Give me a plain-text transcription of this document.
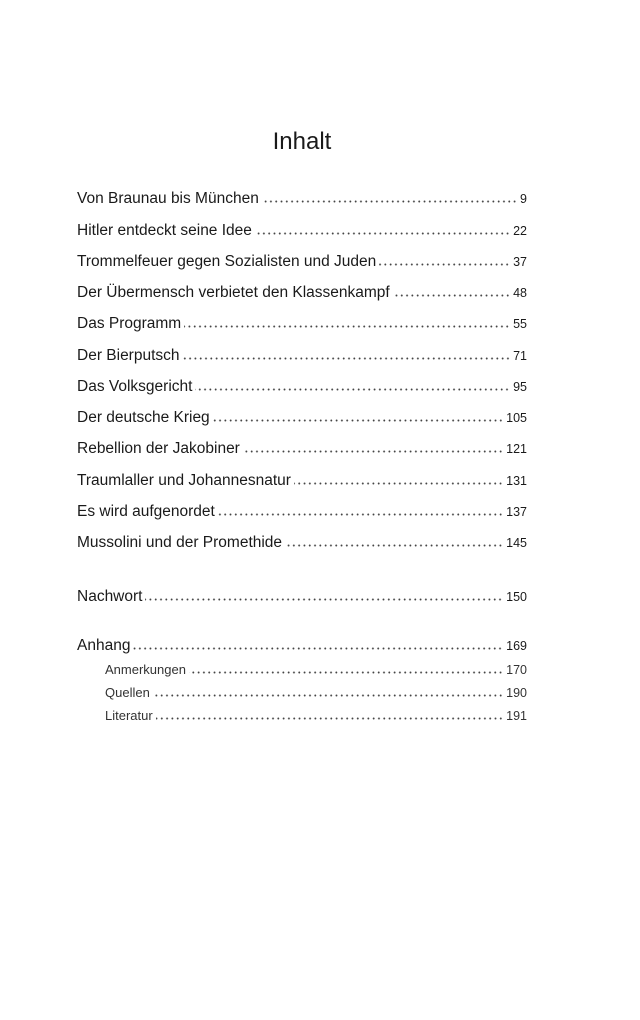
Inhalt
Von Braunau bis München	9
Hitler entdeckt seine Idee	22
Trommelfeuer gegen Sozialisten und Juden	37
Der Übermensch verbietet den Klassenkampf	48
Das Programm	55
Der Bierputsch	71
Das Volksgericht	95
Der deutsche Krieg	105
Rebellion der Jakobiner	121
Traumlaller und Johannesnatur	131
Es wird aufgenordet	137
Mussolini und der Promethide	145
Nachwort	150
Anhang	169
Anmerkungen	170
Quellen	190
Literatur	191
